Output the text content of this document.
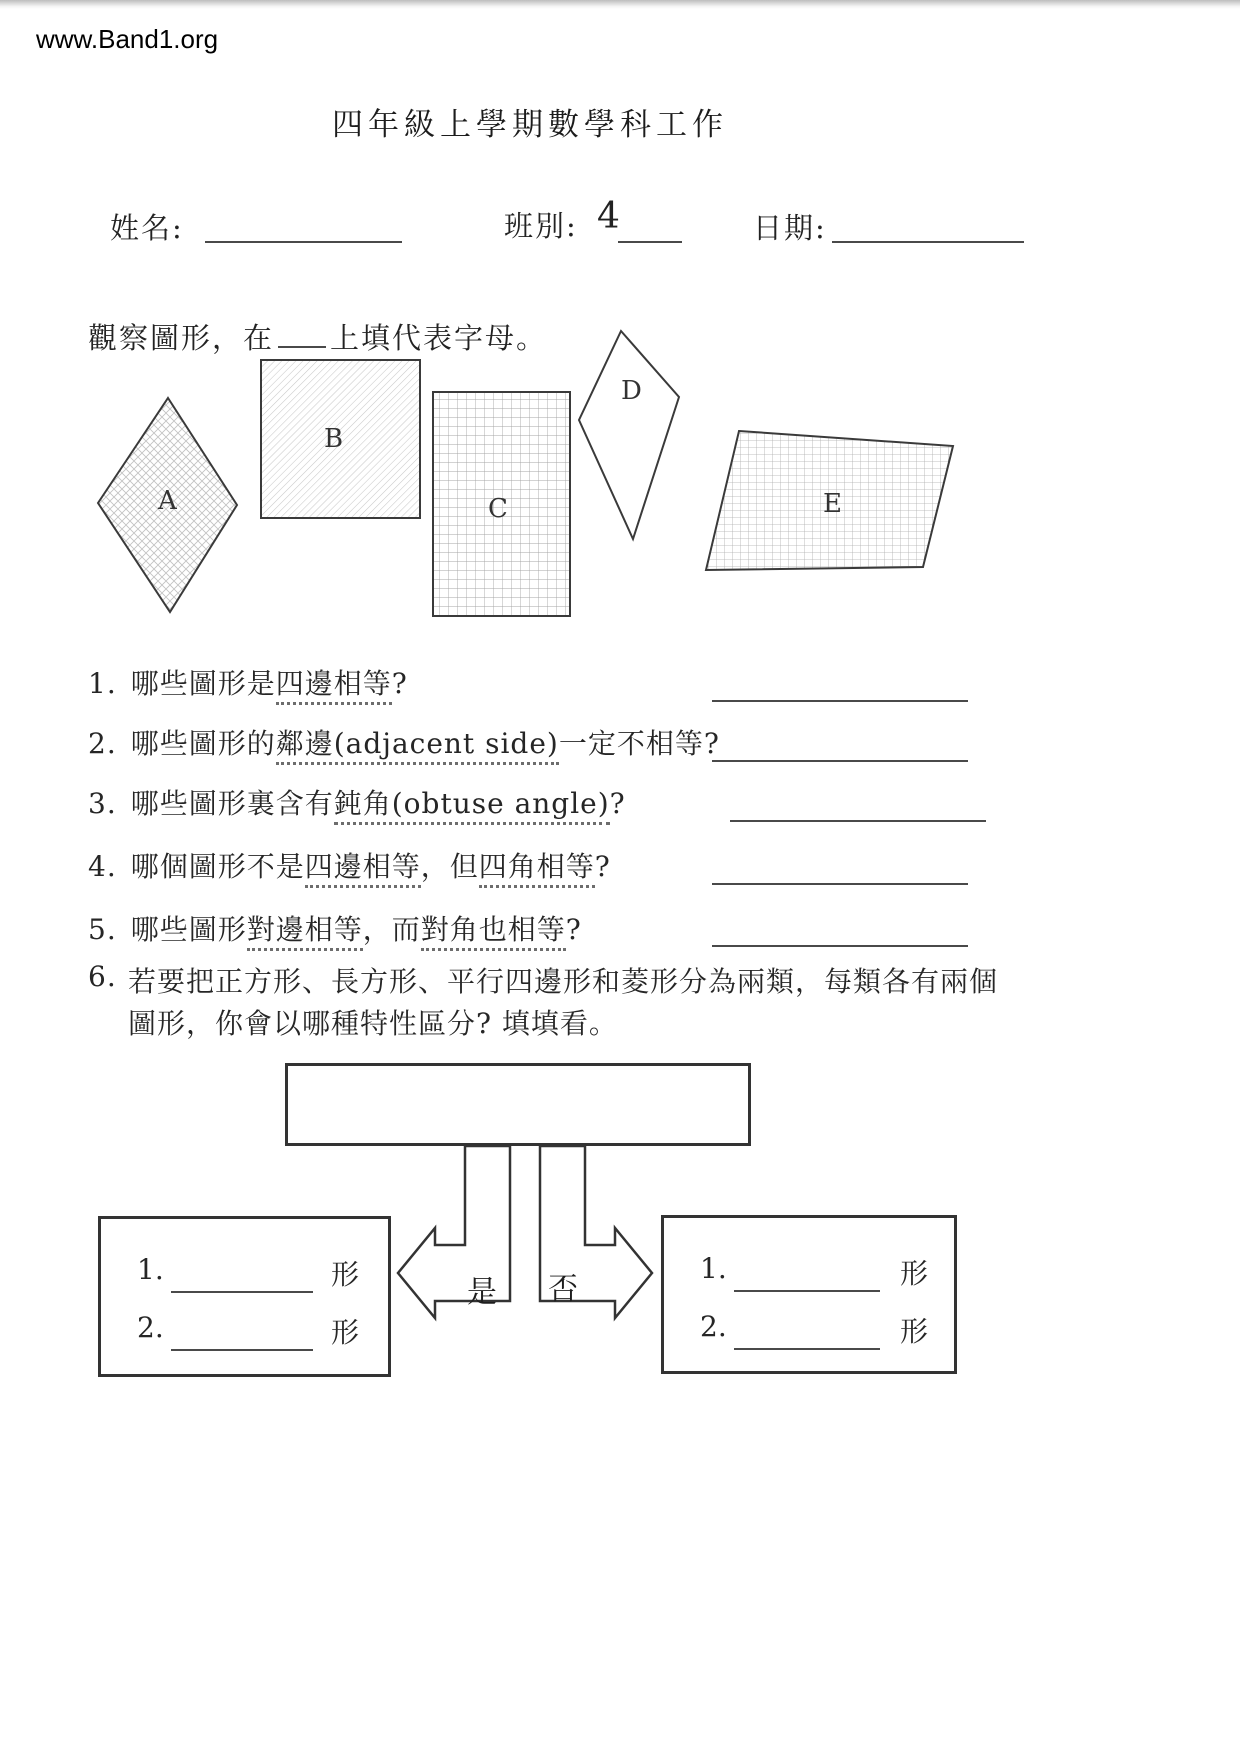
www.Band1.org
四年級上學期數學科工作
姓名:	班別: 4	日期:
觀察圖形，在 上填代表字母。
A
B
C
D
E
1. 哪些圖形是四邊相等?
2. 哪些圖形的鄰邊(adjacent side)一定不相等?
3. 哪些圖形裏含有鈍角(obtuse angle)?
4. 哪個圖形不是四邊相等，但四角相等?
5. 哪些圖形對邊相等，而對角也相等?
6. 若要把正方形、長方形、平行四邊形和菱形分為兩類，每類各有兩個
圖形，你會以哪種特性區分? 填填看。
是 否
1.	形
2.	形
1.	形
2.	形
